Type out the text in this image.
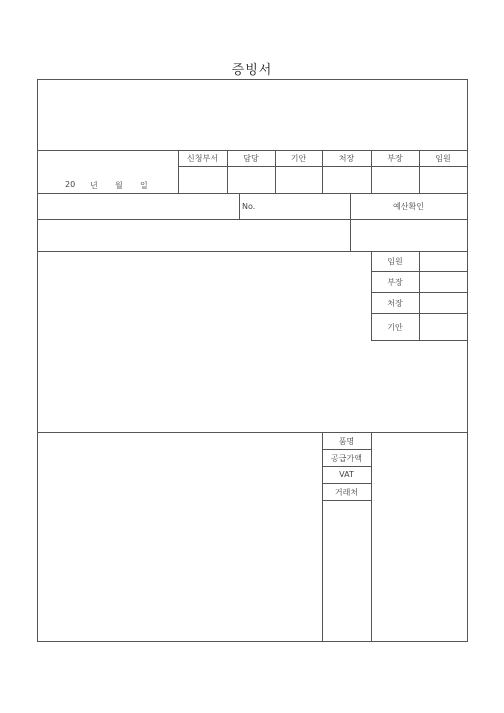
증빙서
20 년 월 일
신청부서	담당	기안	처장	부장	임원
No.	예산확인
임원
부장
처장
기안
품명
공급가액
VAT
거래처
